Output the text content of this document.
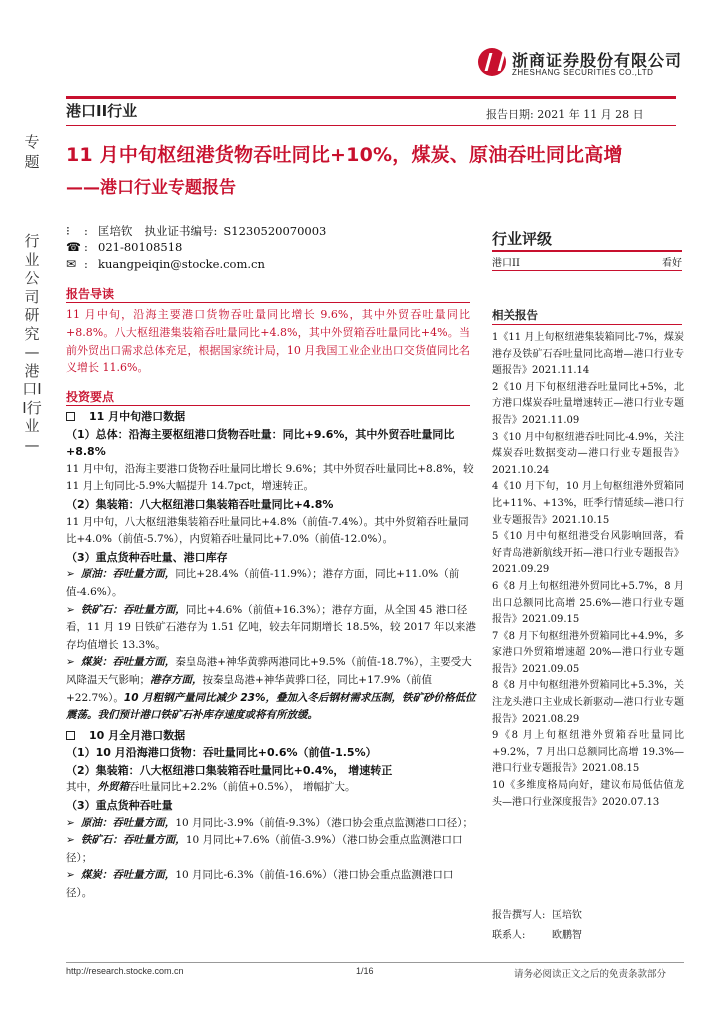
浙商证券股份有限公司
ZHESHANG SECURITIES CO.,LTD
港口II行业	报告日期: 2021 年 11 月 28 日
专题
行业公司研究—港口II行业—
11 月中旬枢纽港货物吞吐同比+10%，煤炭、原油吞吐同比高增
——港口行业专题报告
⁝	: 匡培钦 执业证书编号: S1230520070003
☎ : 021-80108518
✉ : kuangpeiqin@stocke.com.cn
行业评级
港口II	看好
相关报告
1《11 月上旬枢纽港集装箱同比-7%，煤炭港存及铁矿石吞吐量同比高增—港口行业专题报告》2021.11.14
2《10 月下旬枢纽港吞吐量同比+5%，北方港口煤炭吞吐量增速转正—港口行业专题报告》2021.11.09
3《10 月中旬枢纽港吞吐同比-4.9%，关注煤炭吞吐数据变动—港口行业专题报告》2021.10.24
4《10 月下旬，10 月上旬枢纽港外贸箱同比+11%、+13%，旺季行情延续—港口行业专题报告》2021.10.15
5《10 月中旬枢纽港受台风影响回落，看好青岛港新航线开拓—港口行业专题报告》2021.09.29
6《8 月上旬枢纽港外贸同比+5.7%，8 月出口总额同比高增 25.6%—港口行业专题报告》2021.09.15
7《8 月下旬枢纽港外贸箱同比+4.9%，多家港口外贸箱增速超 20%—港口行业专题报告》2021.09.05
8《8 月中旬枢纽港外贸箱同比+5.3%，关注龙头港口主业成长新驱动—港口行业专题报告》2021.08.29
9《8 月上旬枢纽港外贸箱吞吐量同比+9.2%，7 月出口总额同比高增 19.3%—港口行业专题报告》2021.08.15
10《多维度格局向好，建议布局低估值龙头—港口行业深度报告》2020.07.13
报告撰写人: 匡培钦
联系人:	欧鹏智
报告导读
11 月中旬，沿海主要港口货物吞吐量同比增长 9.6%，其中外贸吞吐量同比+8.8%。八大枢纽港集装箱吞吐量同比+4.8%，其中外贸箱吞吐量同比+4%。当前外贸出口需求总体充足，根据国家统计局，10 月我国工业企业出口交货值同比名义增长 11.6%。
投资要点
11 月中旬港口数据
（1）总体：沿海主要枢纽港口货物吞吐量：同比+9.6%，其中外贸吞吐量同比+8.8%
11 月中旬，沿海主要港口货物吞吐量同比增长 9.6%；其中外贸吞吐量同比+8.8%，较 11 月上旬同比-5.9%大幅提升 14.7pct，增速转正。
（2）集装箱：八大枢纽港口集装箱吞吐量同比+4.8%
11 月中旬，八大枢纽港集装箱吞吐量同比+4.8%（前值-7.4%）。其中外贸箱吞吐量同比+4.0%（前值-5.7%），内贸箱吞吐量同比+7.0%（前值-12.0%）。
（3）重点货种吞吐量、港口库存
➢ 原油：吞吐量方面，同比+28.4%（前值-11.9%）；港存方面，同比+11.0%（前值-4.6%）。
➢ 铁矿石：吞吐量方面，同比+4.6%（前值+16.3%）；港存方面，从全国 45 港口径看，11 月 19 日铁矿石港存为 1.51 亿吨，较去年同期增长 18.5%，较 2017 年以来港存均值增长 13.3%。
➢ 煤炭：吞吐量方面，秦皇岛港+神华黄骅两港同比+9.5%（前值-18.7%），主要受大风降温天气影响；港存方面，按秦皇岛港+神华黄骅口径，同比+17.9%（前值+22.7%）。10 月粗钢产量同比减少 23%，叠加入冬后钢材需求压制，铁矿砂价格低位震荡。我们预计港口铁矿石补库存速度或将有所放缓。
10 月全月港口数据
（1）10 月沿海港口货物：吞吐量同比+0.6%（前值-1.5%）
（2）集装箱：八大枢纽港口集装箱吞吐量同比+0.4%， 增速转正
其中，外贸箱吞吐量同比+2.2%（前值+0.5%）， 增幅扩大。
（3）重点货种吞吐量
➢ 原油：吞吐量方面，10 月同比-3.9%（前值-9.3%）（港口协会重点监测港口口径）；
➢ 铁矿石：吞吐量方面，10 月同比+7.6%（前值-3.9%）（港口协会重点监测港口口径）；
➢ 煤炭：吞吐量方面，10 月同比-6.3%（前值-16.6%）（港口协会重点监测港口口径）。
http://research.stocke.com.cn	1/16	请务必阅读正文之后的免责条款部分
